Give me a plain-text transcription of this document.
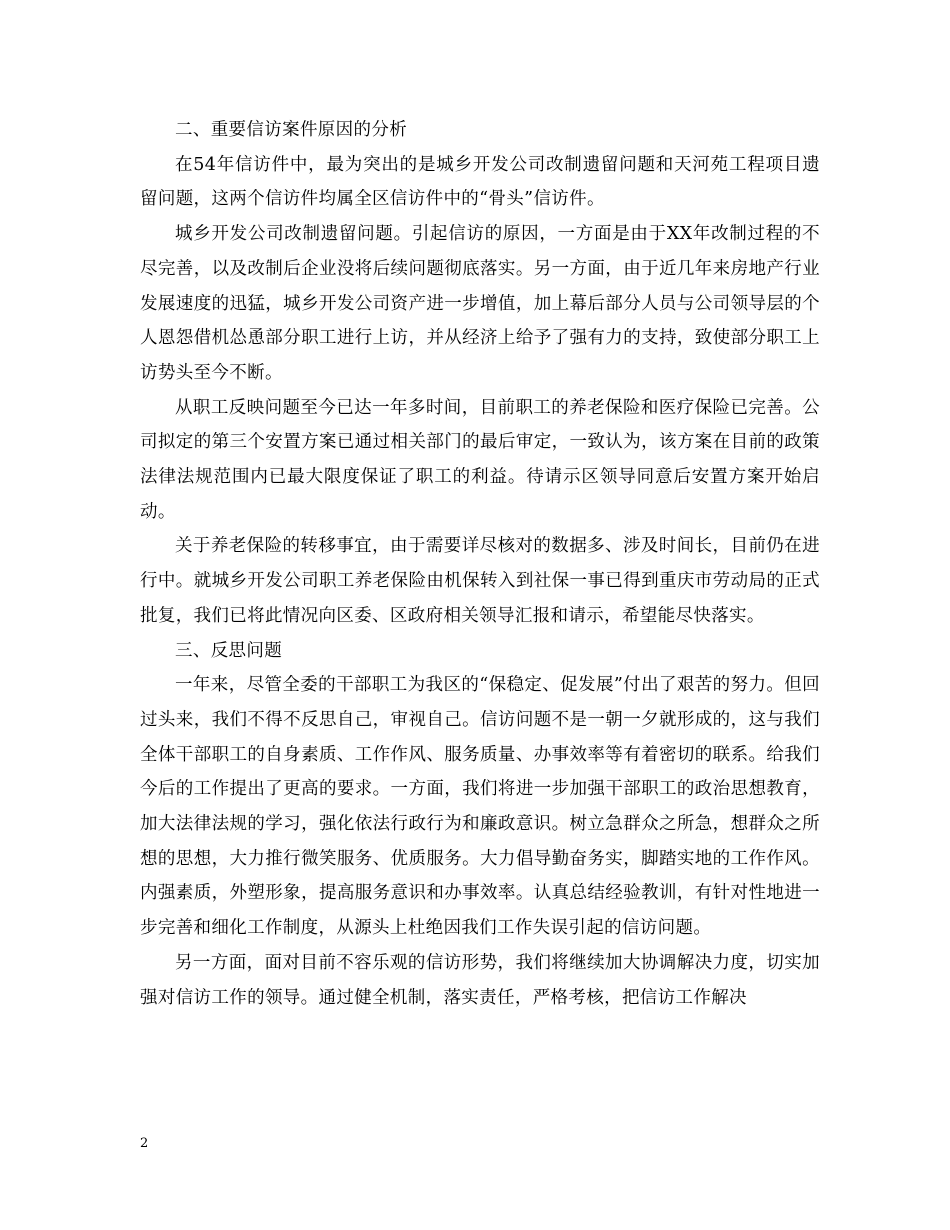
二、重要信访案件原因的分析

在54年信访件中，最为突出的是城乡开发公司改制遗留问题和天河苑工程项目遗留问题，这两个信访件均属全区信访件中的“骨头”信访件。

城乡开发公司改制遗留问题。引起信访的原因，一方面是由于XX年改制过程的不尽完善，以及改制后企业没将后续问题彻底落实。另一方面，由于近几年来房地产行业发展速度的迅猛，城乡开发公司资产进一步增值，加上幕后部分人员与公司领导层的个人恩怨借机怂恿部分职工进行上访，并从经济上给予了强有力的支持，致使部分职工上访势头至今不断。

从职工反映问题至今已达一年多时间，目前职工的养老保险和医疗保险已完善。公司拟定的第三个安置方案已通过相关部门的最后审定，一致认为，该方案在目前的政策法律法规范围内已最大限度保证了职工的利益。待请示区领导同意后安置方案开始启动。

关于养老保险的转移事宜，由于需要详尽核对的数据多、涉及时间长，目前仍在进行中。就城乡开发公司职工养老保险由机保转入到社保一事已得到重庆市劳动局的正式批复，我们已将此情况向区委、区政府相关领导汇报和请示，希望能尽快落实。

三、反思问题

一年来，尽管全委的干部职工为我区的“保稳定、促发展”付出了艰苦的努力。但回过头来，我们不得不反思自己，审视自己。信访问题不是一朝一夕就形成的，这与我们全体干部职工的自身素质、工作作风、服务质量、办事效率等有着密切的联系。给我们今后的工作提出了更高的要求。一方面，我们将进一步加强干部职工的政治思想教育，加大法律法规的学习，强化依法行政行为和廉政意识。树立急群众之所急，想群众之所想的思想，大力推行微笑服务、优质服务。大力倡导勤奋务实，脚踏实地的工作作风。内强素质，外塑形象，提高服务意识和办事效率。认真总结经验教训，有针对性地进一步完善和细化工作制度，从源头上杜绝因我们工作失误引起的信访问题。

另一方面，面对目前不容乐观的信访形势，我们将继续加大协调解决力度，切实加强对信访工作的领导。通过健全机制，落实责任，严格考核，把信访工作解决

2
